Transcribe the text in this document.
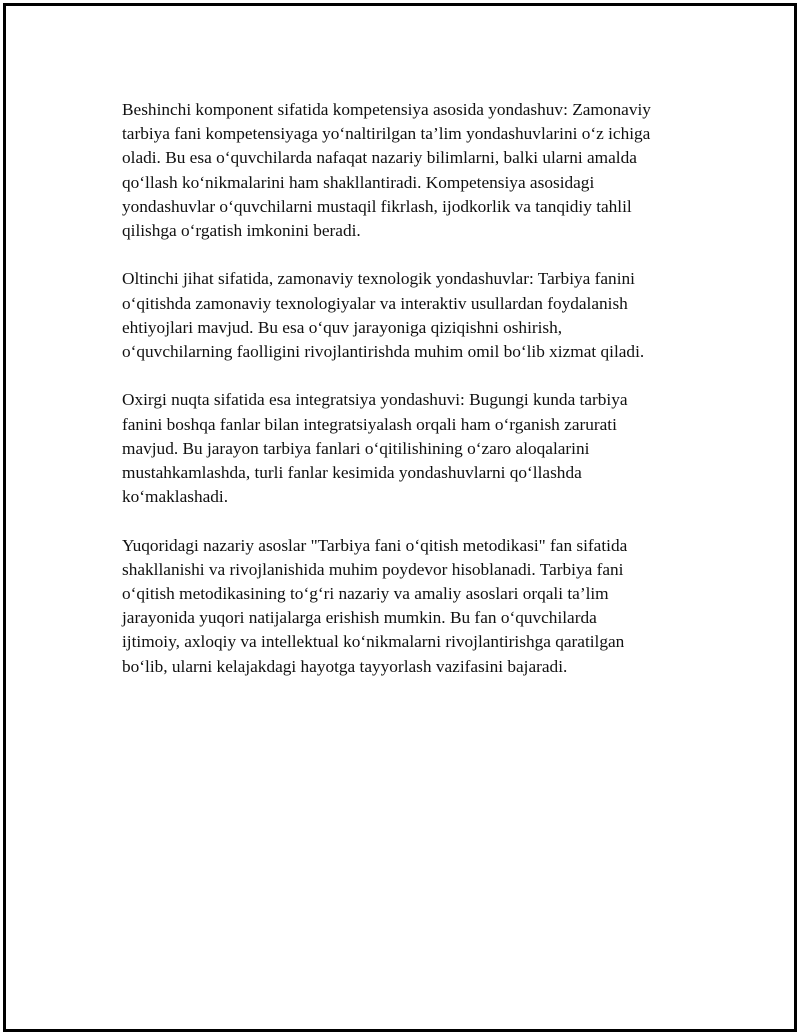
Beshinchi komponent sifatida kompetensiya asosida yondashuv: Zamonaviy
tarbiya fani kompetensiyaga yo‘naltirilgan ta’lim yondashuvlarini o‘z ichiga
oladi. Bu esa o‘quvchilarda nafaqat nazariy bilimlarni, balki ularni amalda
qo‘llash ko‘nikmalarini ham shakllantiradi. Kompetensiya asosidagi
yondashuvlar o‘quvchilarni mustaqil fikrlash, ijodkorlik va tanqidiy tahlil
qilishga o‘rgatish imkonini beradi.

Oltinchi jihat sifatida, zamonaviy texnologik yondashuvlar: Tarbiya fanini
o‘qitishda zamonaviy texnologiyalar va interaktiv usullardan foydalanish
ehtiyojlari mavjud. Bu esa o‘quv jarayoniga qiziqishni oshirish,
o‘quvchilarning faolligini rivojlantirishda muhim omil bo‘lib xizmat qiladi.

Oxirgi nuqta sifatida esa integratsiya yondashuvi: Bugungi kunda tarbiya
fanini boshqa fanlar bilan integratsiyalash orqali ham o‘rganish zarurati
mavjud. Bu jarayon tarbiya fanlari o‘qitilishining o‘zaro aloqalarini
mustahkamlashda, turli fanlar kesimida yondashuvlarni qo‘llashda
ko‘maklashadi.

Yuqoridagi nazariy asoslar "Tarbiya fani o‘qitish metodikasi" fan sifatida
shakllanishi va rivojlanishida muhim poydevor hisoblanadi. Tarbiya fani
o‘qitish metodikasining to‘g‘ri nazariy va amaliy asoslari orqali ta’lim
jarayonida yuqori natijalarga erishish mumkin. Bu fan o‘quvchilarda
ijtimoiy, axloqiy va intellektual ko‘nikmalarni rivojlantirishga qaratilgan
bo‘lib, ularni kelajakdagi hayotga tayyorlash vazifasini bajaradi.
